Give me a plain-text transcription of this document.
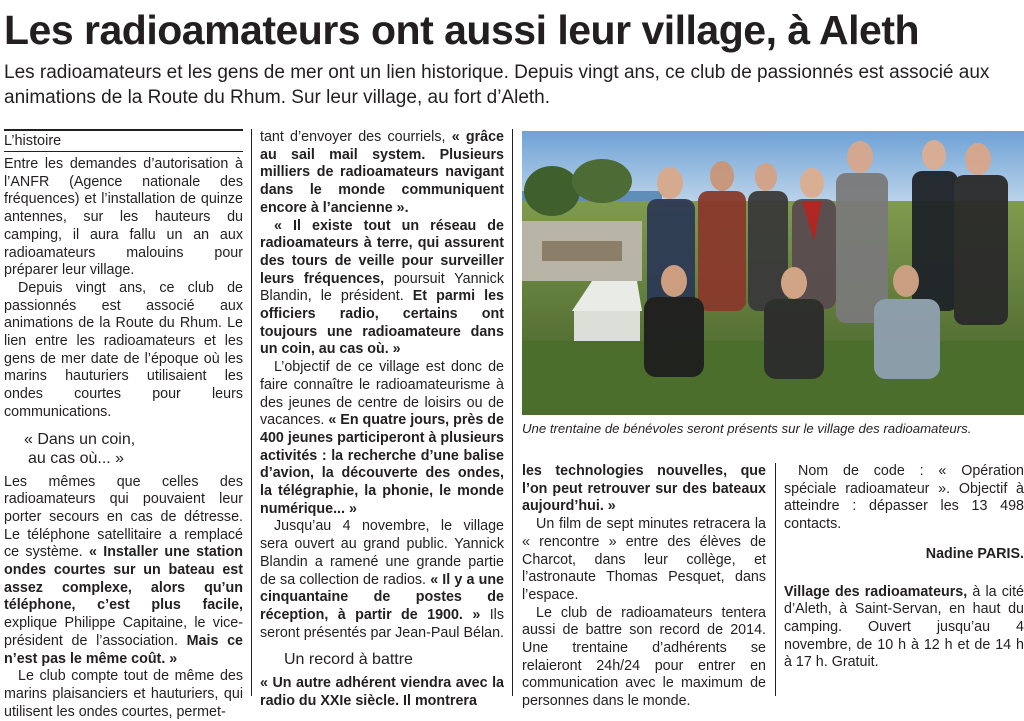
Les radioamateurs ont aussi leur village, à Aleth

Les radioamateurs et les gens de mer ont un lien historique. Depuis vingt ans, ce club de passionnés est associé aux animations de la Route du Rhum. Sur leur village, au fort d’Aleth.

L’histoire

Entre les demandes d’autorisation à l’ANFR (Agence nationale des fréquences) et l’installation de quinze antennes, sur les hauteurs du camping, il aura fallu un an aux radioamateurs malouins pour préparer leur village.

Depuis vingt ans, ce club de passionnés est associé aux animations de la Route du Rhum. Le lien entre les radioamateurs et les gens de mer date de l’époque où les marins hauturiers utilisaient les ondes courtes pour leurs communications.

« Dans un coin,
au cas où... »

Les mêmes que celles des radioamateurs qui pouvaient leur porter secours en cas de détresse. Le téléphone satellitaire a remplacé ce système. « Installer une station ondes courtes sur un bateau est assez complexe, alors qu’un téléphone, c’est plus facile, explique Philippe Capitaine, le vice-président de l’association. Mais ce n’est pas le même coût. »

Le club compte tout de même des marins plaisanciers et hauturiers, qui utilisent les ondes courtes, permet-

tant d’envoyer des courriels, « grâce au sail mail system. Plusieurs milliers de radioamateurs navigant dans le monde communiquent encore à l’ancienne ».

« Il existe tout un réseau de radioamateurs à terre, qui assurent des tours de veille pour surveiller leurs fréquences, poursuit Yannick Blandin, le président. Et parmi les officiers radio, certains ont toujours une radioamateure dans un coin, au cas où. »

L’objectif de ce village est donc de faire connaître le radioamateurisme à des jeunes de centre de loisirs ou de vacances. « En quatre jours, près de 400 jeunes participeront à plusieurs activités : la recherche d’une balise d’avion, la découverte des ondes, la télégraphie, la phonie, le monde numérique... »

Jusqu’au 4 novembre, le village sera ouvert au grand public. Yannick Blandin a ramené une grande partie de sa collection de radios. « Il y a une cinquantaine de postes de réception, à partir de 1900. » Ils seront présentés par Jean-Paul Bélan.

Un record à battre

« Un autre adhérent viendra avec la radio du XXIe siècle. Il montrera

Une trentaine de bénévoles seront présents sur le village des radioamateurs.

les technologies nouvelles, que l’on peut retrouver sur des bateaux aujourd’hui. »

Un film de sept minutes retracera la « rencontre » entre des élèves de Charcot, dans leur collège, et l’astronaute Thomas Pesquet, dans l’espace.

Le club de radioamateurs tentera aussi de battre son record de 2014. Une trentaine d’adhérents se relaieront 24h/24 pour entrer en communication avec le maximum de personnes dans le monde.

Nom de code : « Opération spéciale radioamateur ». Objectif à atteindre : dépasser les 13 498 contacts.

Nadine PARIS.

Village des radioamateurs, à la cité d’Aleth, à Saint-Servan, en haut du camping. Ouvert jusqu’au 4 novembre, de 10 h à 12 h et de 14 h à 17 h. Gratuit.
